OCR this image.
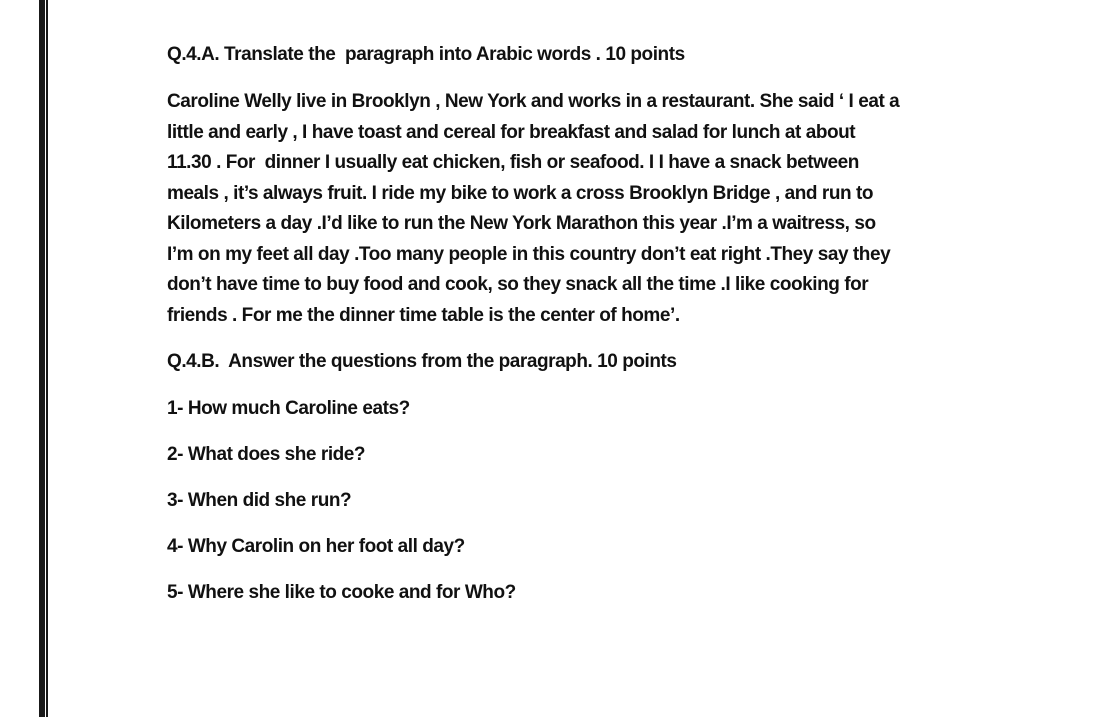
Q.4.A. Translate the  paragraph into Arabic words . 10 points
Caroline Welly live in Brooklyn , New York and works in a restaurant. She said ‘ I eat a
little and early , I have toast and cereal for breakfast and salad for lunch at about
11.30 . For  dinner I usually eat chicken, fish or seafood. I I have a snack between
meals , it’s always fruit. I ride my bike to work a cross Brooklyn Bridge , and run to
Kilometers a day .I’d like to run the New York Marathon this year .I’m a waitress, so
I’m on my feet all day .Too many people in this country don’t eat right .They say they
don’t have time to buy food and cook, so they snack all the time .I like cooking for
friends . For me the dinner time table is the center of home’.
Q.4.B.  Answer the questions from the paragraph. 10 points
1- How much Caroline eats?
2- What does she ride?
3- When did she run?
4- Why Carolin on her foot all day?
5- Where she like to cooke and for Who?
